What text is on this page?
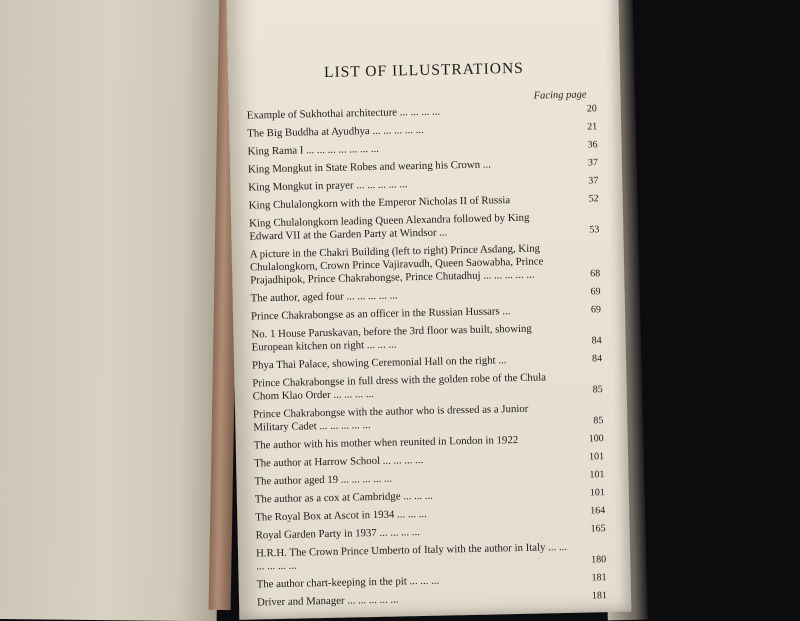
LIST OF ILLUSTRATIONS
Facing page
Example of Sukhothai architecture ... ... ... ...	20
The Big Buddha at Ayudhya ... ... ... ... ...	21
King Rama I ... ... ... ... ... ... ...	36
King Mongkut in State Robes and wearing his Crown ...	37
King Mongkut in prayer ... ... ... ... ...	37
King Chulalongkorn with the Emperor Nicholas II of Russia	52
King Chulalongkorn leading Queen Alexandra followed by King Edward VII at the Garden Party at Windsor ...	53
A picture in the Chakri Building (left to right) Prince Asdang, King Chulalongkorn, Crown Prince Vajiravudh, Queen Saowabha, Prince Prajadhipok, Prince Chakrabongse, Prince Chutadhuj ... ... ... ... ...	68
The author, aged four ... ... ... ... ...	69
Prince Chakrabongse as an officer in the Russian Hussars ...	69
No. 1 House Paruskavan, before the 3rd floor was built, showing European kitchen on right ... ... ...	84
Phya Thai Palace, showing Ceremonial Hall on the right ...	84
Prince Chakrabongse in full dress with the golden robe of the Chula Chom Klao Order ... ... ... ...	85
Prince Chakrabongse with the author who is dressed as a Junior Military Cadet ... ... ... ... ...	85
The author with his mother when reunited in London in 1922	100
The author at Harrow School ... ... ... ...	101
The author aged 19 ... ... ... ... ...	101
The author as a cox at Cambridge ... ... ...	101
The Royal Box at Ascot in 1934 ... ... ...	164
Royal Garden Party in 1937 ... ... ... ...	165
H.R.H. The Crown Prince Umberto of Italy with the author in Italy ... ... ... ... ... ...	180
The author chart-keeping in the pit ... ... ...	181
Driver and Manager ... ... ... ... ...	181
